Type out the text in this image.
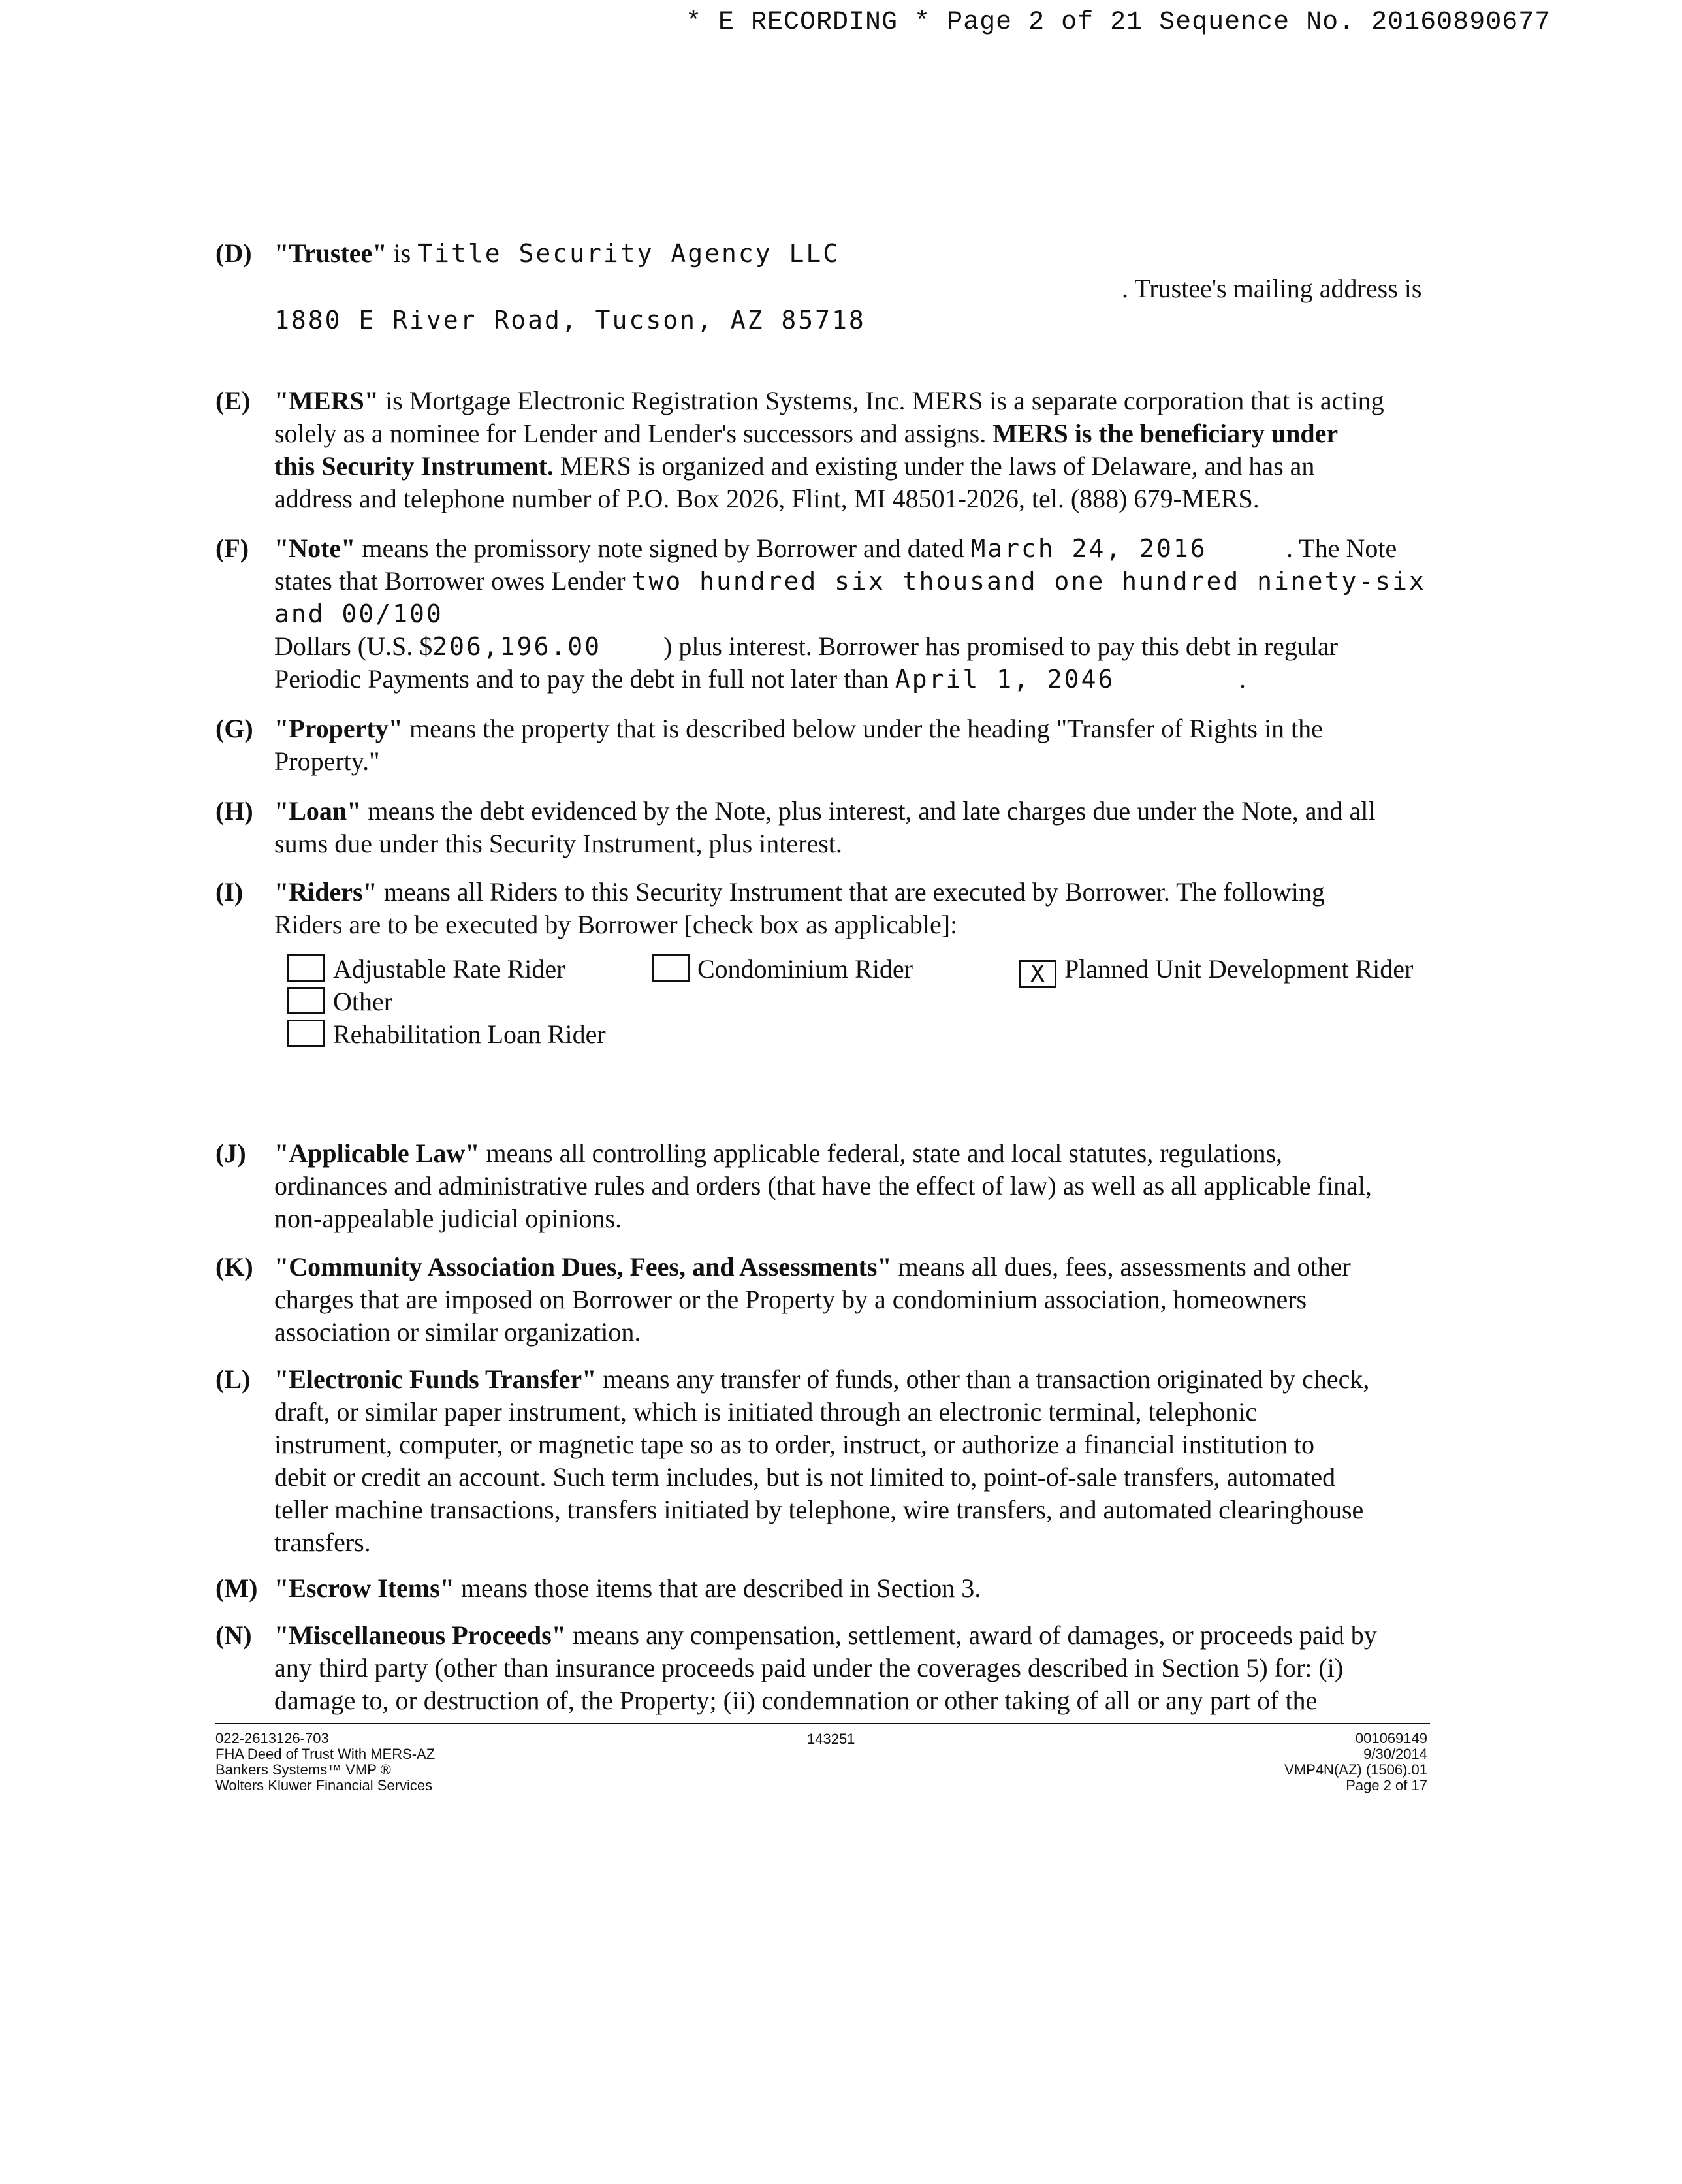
* E RECORDING * Page 2 of 21 Sequence No. 20160890677
(D) "Trustee" is Title Security Agency LLC
. Trustee's mailing address is
1880 E River Road, Tucson, AZ 85718
(E) "MERS" is Mortgage Electronic Registration Systems, Inc. MERS is a separate corporation that is acting
solely as a nominee for Lender and Lender's successors and assigns. MERS is the beneficiary under
this Security Instrument. MERS is organized and existing under the laws of Delaware, and has an
address and telephone number of P.O. Box 2026, Flint, MI 48501-2026, tel. (888) 679-MERS.
(F) "Note" means the promissory note signed by Borrower and dated March 24, 2016	. The Note
states that Borrower owes Lender two hundred six thousand one hundred ninety-six
and 00/100
Dollars (U.S. $206,196.00 ) plus interest. Borrower has promised to pay this debt in regular
Periodic Payments and to pay the debt in full not later than April 1, 2046	.
(G) "Property" means the property that is described below under the heading "Transfer of Rights in the
Property."
(H) "Loan" means the debt evidenced by the Note, plus interest, and late charges due under the Note, and all
sums due under this Security Instrument, plus interest.
(I) "Riders" means all Riders to this Security Instrument that are executed by Borrower. The following
Riders are to be executed by Borrower [check box as applicable]:
Adjustable Rate Rider	Condominium Rider	X Planned Unit Development Rider
Other
Rehabilitation Loan Rider
(J) "Applicable Law" means all controlling applicable federal, state and local statutes, regulations,
ordinances and administrative rules and orders (that have the effect of law) as well as all applicable final,
non-appealable judicial opinions.
(K) "Community Association Dues, Fees, and Assessments" means all dues, fees, assessments and other
charges that are imposed on Borrower or the Property by a condominium association, homeowners
association or similar organization.
(L) "Electronic Funds Transfer" means any transfer of funds, other than a transaction originated by check,
draft, or similar paper instrument, which is initiated through an electronic terminal, telephonic
instrument, computer, or magnetic tape so as to order, instruct, or authorize a financial institution to
debit or credit an account. Such term includes, but is not limited to, point-of-sale transfers, automated
teller machine transactions, transfers initiated by telephone, wire transfers, and automated clearinghouse
transfers.
(M) "Escrow Items" means those items that are described in Section 3.
(N) "Miscellaneous Proceeds" means any compensation, settlement, award of damages, or proceeds paid by
any third party (other than insurance proceeds paid under the coverages described in Section 5) for: (i)
damage to, or destruction of, the Property; (ii) condemnation or other taking of all or any part of the
022-2613126-703
FHA Deed of Trust With MERS-AZ
Bankers Systems™ VMP ®
Wolters Kluwer Financial Services
143251	001069149
9/30/2014
VMP4N(AZ) (1506).01
Page 2 of 17
